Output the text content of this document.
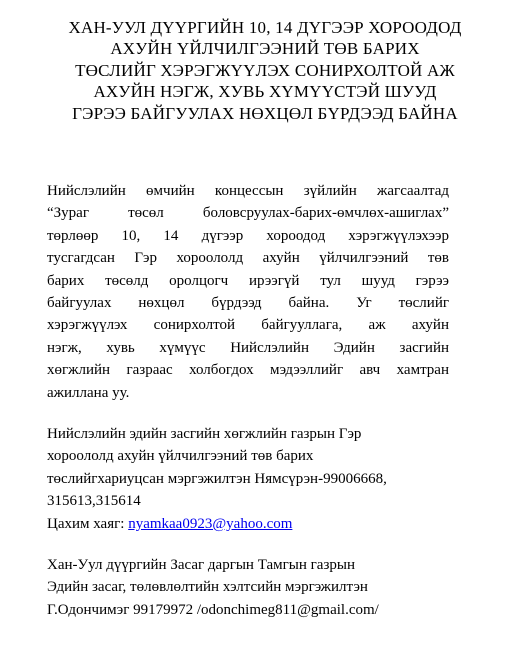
ХАН-УУЛ ДҮҮРГИЙН 10, 14 ДҮГЭЭР ХОРООДОД
АХУЙН ҮЙЛЧИЛГЭЭНИЙ ТӨВ БАРИХ
ТӨСЛИЙГ ХЭРЭГЖҮҮЛЭХ СОНИРХОЛТОЙ АЖ
АХУЙН НЭГЖ, ХУВЬ ХҮМҮҮСТЭЙ ШУУД
ГЭРЭЭ БАЙГУУЛАХ НӨХЦӨЛ БҮРДЭЭД БАЙНА
Нийслэлийн өмчийн концессын зүйлийн жагсаалтад
“Зураг төсөл боловсруулах-барих-өмчлөх-ашиглах”
төрлөөр 10, 14 дүгээр хороодод хэрэгжүүлэхээр
тусгагдсан Гэр хороололд ахуйн үйлчилгээний төв
барих төсөлд оролцогч ирээгүй тул шууд гэрээ
байгуулах нөхцөл бүрдээд байна. Уг төслийг
хэрэгжүүлэх сонирхолтой байгууллага, аж ахуйн
нэгж, хувь хүмүүс Нийслэлийн Эдийн засгийн
хөгжлийн газраас холбогдох мэдээллийг авч хамтран
ажиллана уу.
Нийслэлийн эдийн засгийн хөгжлийн газрын Гэр
хороололд ахуйн үйлчилгээний төв барих
төслийгхариуцсан мэргэжилтэн Нямсүрэн-99006668,
315613,315614
Цахим хаяг: nyamkaa0923@yahoo.com
Хан-Уул дүүргийн Засаг даргын Тамгын газрын
Эдийн засаг, төлөвлөлтийн хэлтсийн мэргэжилтэн
Г.Одончимэг 99179972 /odonchimeg811@gmail.com/
